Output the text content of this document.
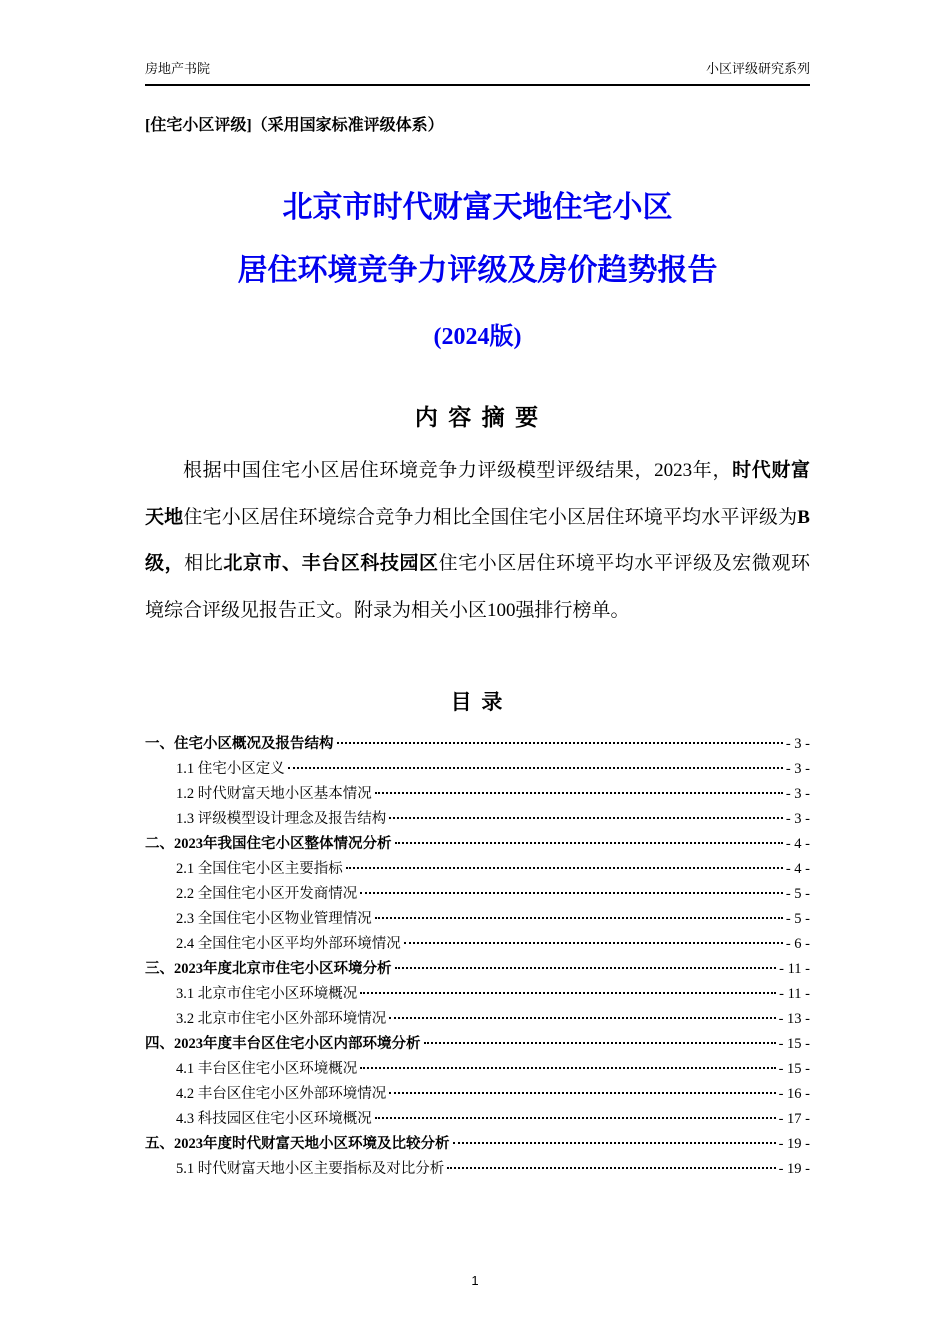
房地产书院	小区评级研究系列
[住宅小区评级]（采用国家标准评级体系）
北京市时代财富天地住宅小区
居住环境竞争力评级及房价趋势报告
(2024版)
内 容 摘 要

根据中国住宅小区居住环境竞争力评级模型评级结果，2023年，时代财富天地住宅小区居住环境综合竞争力相比全国住宅小区居住环境平均水平评级为B级，相比北京市、丰台区科技园区住宅小区居住环境平均水平评级及宏微观环境综合评级见报告正文。附录为相关小区100强排行榜单。

目 录
一、住宅小区概况及报告结构	- 3 -
1.1 住宅小区定义	- 3 -
1.2 时代财富天地小区基本情况	- 3 -
1.3 评级模型设计理念及报告结构	- 3 -
二、2023年我国住宅小区整体情况分析	- 4 -
2.1 全国住宅小区主要指标	- 4 -
2.2 全国住宅小区开发商情况	- 5 -
2.3 全国住宅小区物业管理情况	- 5 -
2.4 全国住宅小区平均外部环境情况	- 6 -
三、2023年度北京市住宅小区环境分析	- 11 -
3.1 北京市住宅小区环境概况	- 11 -
3.2 北京市住宅小区外部环境情况	- 13 -
四、2023年度丰台区住宅小区内部环境分析	- 15 -
4.1 丰台区住宅小区环境概况	- 15 -
4.2 丰台区住宅小区外部环境情况	- 16 -
4.3 科技园区住宅小区环境概况	- 17 -
五、2023年度时代财富天地小区环境及比较分析	- 19 -
5.1 时代财富天地小区主要指标及对比分析	- 19 -
1
